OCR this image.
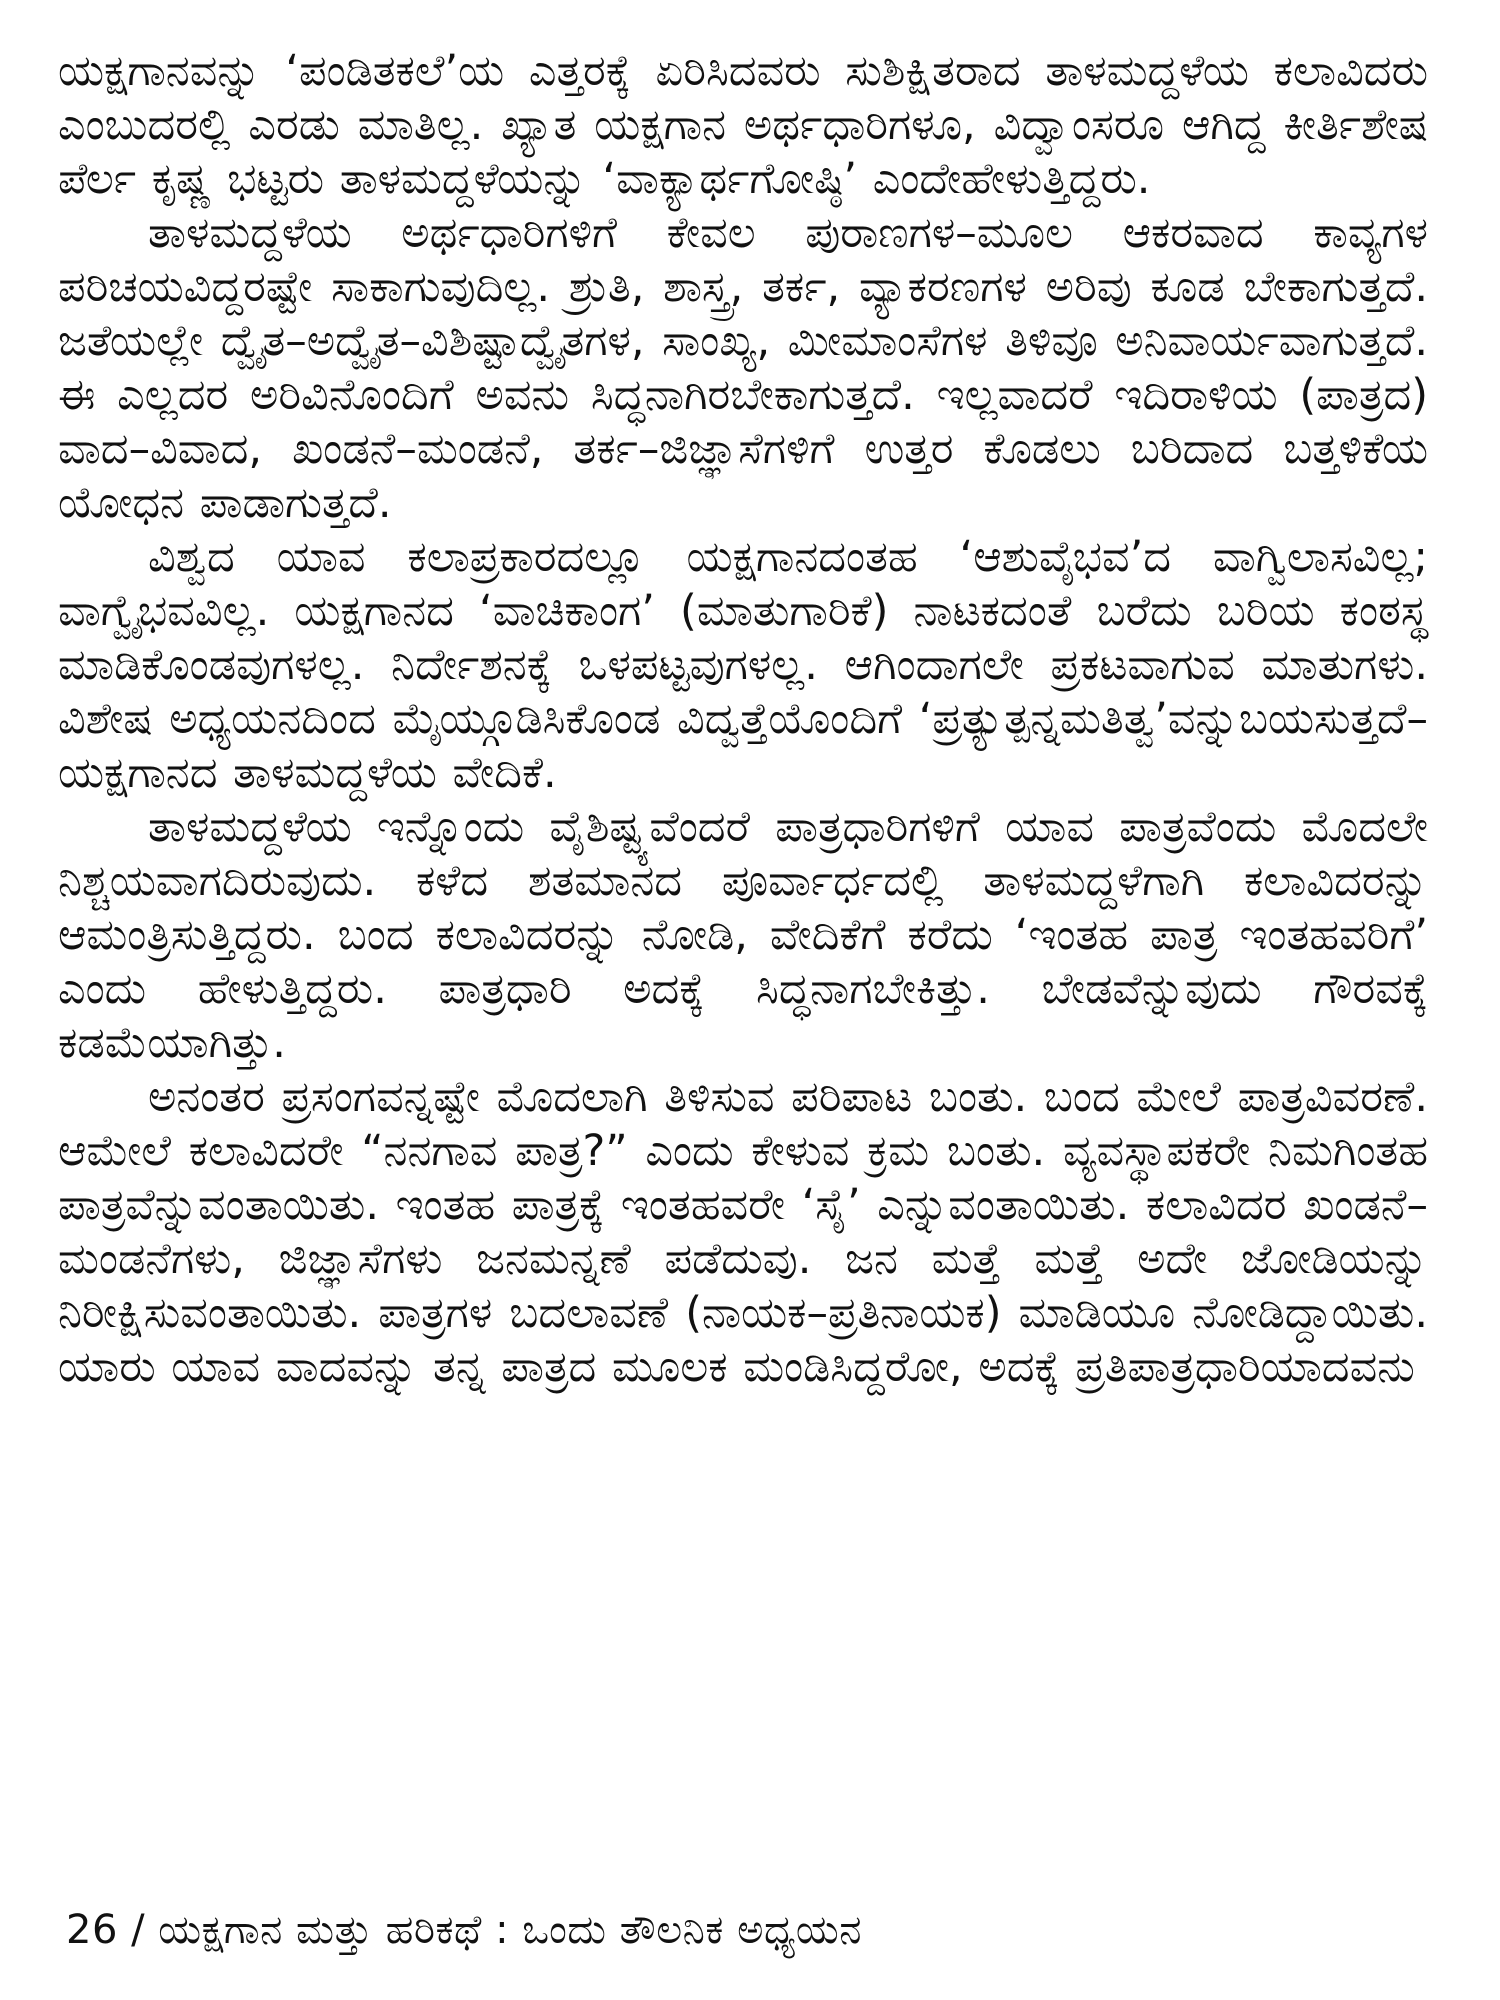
ಯಕ್ಷಗಾನವನ್ನು ‘ಪಂಡಿತಕಲೆ’ಯ ಎತ್ತರಕ್ಕೆ ಏರಿಸಿದವರು ಸುಶಿಕ್ಷಿತರಾದ ತಾಳಮದ್ದಳೆಯ ಕಲಾವಿದರು ಎಂಬುದರಲ್ಲಿ ಎರಡು ಮಾತಿಲ್ಲ. ಖ್ಯಾತ ಯಕ್ಷಗಾನ ಅರ್ಥಧಾರಿಗಳೂ, ವಿದ್ವಾಂಸರೂ ಆಗಿದ್ದ ಕೀರ್ತಿಶೇಷ ಪೆರ್ಲ ಕೃಷ್ಣ ಭಟ್ಟರು ತಾಳಮದ್ದಳೆಯನ್ನು ‘ವಾಕ್ಯಾರ್ಥಗೋಷ್ಠಿ’ ಎಂದೇಹೇಳುತ್ತಿದ್ದರು.

ತಾಳಮದ್ದಳೆಯ ಅರ್ಥಧಾರಿಗಳಿಗೆ ಕೇವಲ ಪುರಾಣಗಳ–ಮೂಲ ಆಕರವಾದ ಕಾವ್ಯಗಳ ಪರಿಚಯವಿದ್ದರಷ್ಟೇ ಸಾಕಾಗುವುದಿಲ್ಲ. ಶ್ರುತಿ, ಶಾಸ್ತ್ರ, ತರ್ಕ, ವ್ಯಾಕರಣಗಳ ಅರಿವು ಕೂಡ ಬೇಕಾಗುತ್ತದೆ. ಜತೆಯಲ್ಲೇ ದ್ವೈತ–ಅದ್ವೈತ–ವಿಶಿಷ್ಟಾದ್ವೈತಗಳ, ಸಾಂಖ್ಯ, ಮೀಮಾಂಸೆಗಳ ತಿಳಿವೂ ಅನಿವಾರ್ಯವಾಗುತ್ತದೆ. ಈ ಎಲ್ಲದರ ಅರಿವಿನೊಂದಿಗೆ ಅವನು ಸಿದ್ಧನಾಗಿರಬೇಕಾಗುತ್ತದೆ. ಇಲ್ಲವಾದರೆ ಇದಿರಾಳಿಯ (ಪಾತ್ರದ) ವಾದ–ವಿವಾದ, ಖಂಡನೆ–ಮಂಡನೆ, ತರ್ಕ–ಜಿಜ್ಞಾಸೆಗಳಿಗೆ ಉತ್ತರ ಕೊಡಲು ಬರಿದಾದ ಬತ್ತಳಿಕೆಯ ಯೋಧನ ಪಾಡಾಗುತ್ತದೆ.

ವಿಶ್ವದ ಯಾವ ಕಲಾಪ್ರಕಾರದಲ್ಲೂ ಯಕ್ಷಗಾನದಂತಹ ‘ಆಶುವೈಭವ’ದ ವಾಗ್ವಿಲಾಸವಿಲ್ಲ; ವಾಗ್ವೈಭವವಿಲ್ಲ. ಯಕ್ಷಗಾನದ ‘ವಾಚಿಕಾಂಗ’ (ಮಾತುಗಾರಿಕೆ) ನಾಟಕದಂತೆ ಬರೆದು ಬರಿಯ ಕಂಠಸ್ಥ ಮಾಡಿಕೊಂಡವುಗಳಲ್ಲ. ನಿರ್ದೇಶನಕ್ಕೆ ಒಳಪಟ್ಟವುಗಳಲ್ಲ. ಆಗಿಂದಾಗಲೇ ಪ್ರಕಟವಾಗುವ ಮಾತುಗಳು. ವಿಶೇಷ ಅಧ್ಯಯನದಿಂದ ಮೈಯ್ಗೂಡಿಸಿಕೊಂಡ ವಿದ್ವತ್ತೆಯೊಂದಿಗೆ ‘ಪ್ರತ್ಯುತ್ಪನ್ನಮತಿತ್ವ’ವನ್ನುಬಯಸುತ್ತದೆ– ಯಕ್ಷಗಾನದ ತಾಳಮದ್ದಳೆಯ ವೇದಿಕೆ.

ತಾಳಮದ್ದಳೆಯ ಇನ್ನೊಂದು ವೈಶಿಷ್ಟ್ಯವೆಂದರೆ ಪಾತ್ರಧಾರಿಗಳಿಗೆ ಯಾವ ಪಾತ್ರವೆಂದು ಮೊದಲೇ ನಿಶ್ಚಯವಾಗದಿರುವುದು. ಕಳೆದ ಶತಮಾನದ ಪೂರ್ವಾರ್ಧದಲ್ಲಿ ತಾಳಮದ್ದಳೆಗಾಗಿ ಕಲಾವಿದರನ್ನು ಆಮಂತ್ರಿಸುತ್ತಿದ್ದರು. ಬಂದ ಕಲಾವಿದರನ್ನು ನೋಡಿ, ವೇದಿಕೆಗೆ ಕರೆದು ‘ಇಂತಹ ಪಾತ್ರ ಇಂತಹವರಿಗೆ’ ಎಂದು ಹೇಳುತ್ತಿದ್ದರು. ಪಾತ್ರಧಾರಿ ಅದಕ್ಕೆ ಸಿದ್ಧನಾಗಬೇಕಿತ್ತು. ಬೇಡವೆನ್ನುವುದು ಗೌರವಕ್ಕೆ ಕಡಮೆಯಾಗಿತ್ತು.

ಅನಂತರ ಪ್ರಸಂಗವನ್ನಷ್ಟೇ ಮೊದಲಾಗಿ ತಿಳಿಸುವ ಪರಿಪಾಟ ಬಂತು. ಬಂದ ಮೇಲೆ ಪಾತ್ರವಿವರಣೆ. ಆಮೇಲೆ ಕಲಾವಿದರೇ “ನನಗಾವ ಪಾತ್ರ?” ಎಂದು ಕೇಳುವ ಕ್ರಮ ಬಂತು. ವ್ಯವಸ್ಥಾಪಕರೇ ನಿಮಗಿಂತಹ ಪಾತ್ರವೆನ್ನುವಂತಾಯಿತು. ಇಂತಹ ಪಾತ್ರಕ್ಕೆ ಇಂತಹವರೇ ‘ಸೈ’ ಎನ್ನುವಂತಾಯಿತು. ಕಲಾವಿದರ ಖಂಡನೆ–ಮಂಡನೆಗಳು, ಜಿಜ್ಞಾಸೆಗಳು ಜನಮನ್ನಣೆ ಪಡೆದುವು. ಜನ ಮತ್ತೆ ಮತ್ತೆ ಅದೇ ಜೋಡಿಯನ್ನು ನಿರೀಕ್ಷಿಸುವಂತಾಯಿತು. ಪಾತ್ರಗಳ ಬದಲಾವಣೆ (ನಾಯಕ–ಪ್ರತಿನಾಯಕ) ಮಾಡಿಯೂ ನೋಡಿದ್ದಾಯಿತು. ಯಾರು ಯಾವ ವಾದವನ್ನು ತನ್ನ ಪಾತ್ರದ ಮೂಲಕ ಮಂಡಿಸಿದ್ದರೋ, ಅದಕ್ಕೆ ಪ್ರತಿಪಾತ್ರಧಾರಿಯಾದವನು

26 / ಯಕ್ಷಗಾನ ಮತ್ತು ಹರಿಕಥೆ : ಒಂದು ತೌಲನಿಕ ಅಧ್ಯಯನ
